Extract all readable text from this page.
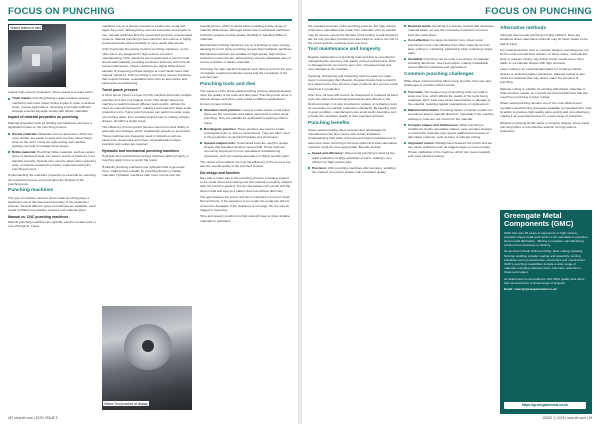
FOCUS ON PUNCHING
Vested bottom of dies

require high-volume production, where speed is a major factor.

Thick metals: Punching thicker metals requires stronger machinery and more power during impact in order to achieve clean, precise perforations. Choosing a tool with sufficient tonnage ensures accurate results with thicker materials.
Impact of material properties on punching

Material properties such as ductility and hardness can have a significant impact on the punching process:

Ductile materials: Materials such as aluminium, which are more ductile, are easier to work with, but they cause faster wear on the tools. Using the right tooling and machine settings can help to manage these issues.
Brittle materials: Punching brittle materials, such as certain types of hardened steel, can lead to cracks or fractures if not handled correctly. Special care must be taken when selecting tools, so that the material is properly supported during the punching process.

Understanding the material's properties is essential for selecting the required pressure and prolonging the lifespan of the punching tools.

Punching machines

The type of machine used for sheet metal punching plays a significant role in the speed and accuracy of the production process. Several different types of machines are available, each suited to different production volumes and material types.

Manual vs. CNC punching machines

Manual punching machines are typically used for smaller jobs or one-off projects. These

machines rely on a human operator to position the metal and apply the punch. Although they are less expensive and simpler to use, manual machines lack the speed and precision of automated systems. Manual punching is best suited for low-volume or highly customised work where flexibility is more useful than speed.

CNC (Computer Numerical Control) punching machines, on the other hand, are designed for high-volume, precision manufacturing. CNC machines are programmed to punch metal sheets automatically, providing consistent accuracy with minimal human intervention. These machines are highly efficient and capable of producing intricate designs at much faster rates than manual machines. CNC punching is commonly used in industries that require intricate, repeatable parts such as automotive and electronics manufacturing.

Turret punch presses

A turret punch press is a type of CNC machine that holds multiple punches and dies in a rotating turret. This design allows the machine to switch between different tools quickly, without the need for manual intervention, making it well suited for large-scale production runs. Turret punch presses can perform a wide range of punching tasks, from creating simple holes to cutting complex shapes, all within a single setup.

The efficiency of turret punch presses stems from their ability to automate tool changes, which significantly speeds up production. These machines are frequently used in industries such as electronics, automotive and sheet metal fabrication where precision and output are required.

Hydraulic and mechanical punching machines

Hydraulic and mechanical punching machines differ primarily in how they apply force to punch the metal.

Hydraulic punching machines use hydraulic fluid to generate force, making them suitable for punching thicker or harder materials. Hydraulic machines offer more control over the

punching force, which is useful when punching a wide range of material thicknesses. Although slower than mechanical machines, hydraulic systems provide greater flexibility in handling different materials.

Mechanical punching machines rely on a flywheel to store energy, allowing for much faster punching speeds than hydraulic machines. Mechanical machines are suitable for high-speed, high-volume production environments, although they are less adaptable when it comes to thicker or harder materials.

Choosing the right machine depends upon factors such as the type of material, required production speed and the complexity of the punched part.

Punching tools and dies

The success of the sheet metal punching process depends heavily upon the quality of the tools and dies used. Punching tools come in various shapes and sizes, each suited to different applications. Common types include:

Standard round punches: Used to create simple round holes, these are the most basic and widely used tools in sheet metal punching. They are suitable for applications requiring uniform holes.
Rectangular punches: These punches are used to create rectangular holes or slots in metal sheets. They are often used in the production of electrical brackets and enclosures.
Special-shaped tools: Customised tools are used for unique shapes that standard punches cannot fulfil. These tools are commonly employed in more specialised manufacturing processes, such as creating decorative or highly specific parts.

The choice of tool affects not only the efficiency of the process but also the overall quality of the punched product.

Die design and function

Dies play a major role in the punching process, providing support to the metal sheet and making sure the material is properly shaped after the punch is applied. The die sits between the punch and the sheet metal and acts as a pattern that cuts without deformity.

The gap between the punch and die is important to prevent metal flow and burrs. If the clearance is too small, the metal can deform or become damaged. If the clearance is too large, the cut may be ragged or imprecise.

Time and speedy results from high-strength steel or other durable materials to withstand

Wilson Tool punches at display
48 | www.sfn.com | 2025 | ISSUE 3
FOCUS ON PUNCHING

the repeated pressure of the punching process. For high-volume production, specialised die made from materials such as carbide may be used to extend the lifespan of the tooling. A well-designed die not only provides precision but also helps to reduce the risk of the punch and die, reducing wear over time.

Tool maintenance and longevity

Regular maintenance of punching tools and dies is essential for maintaining the accuracy and quality of the punched parts. Worn or damaged tools can lead to poor cuts, increased scrap and even damage to the machine.

Cleaning, sharpening and inspecting tools for wear are major steps in prolonging their lifespan. Regular checks help to identify at a stage before they become major problems and prevent costly downtime in production.

Over time, all tools will need to be sharpened or replaced as blunt tools can cause dimensional inaccuracies and defects in the finished product. It is also important to replace or resharpen tools as necessary to maintain production standards. By keeping tools in good condition, manufacturers can avoid costly downtime and provide the consistent quality of their punched products.

Punching benefits

Sheet metal punching offers several clear advantages for manufacturers but also comes with certain limitations. Understanding both sides of the process helps manufacturers to determine when punching is the best option and when alternative methods might be more appropriate. Benefits include:

Speed and efficiency: Sheet metal punching is ideal for the quick production of large quantities of parts, making it very efficient for high-volume jobs.
Precision: CNC punching machines offer accuracy, enabling the creation of complex shapes with consistent quality.
Reduced waste: Punching is a precise method that minimises material waste, as only the necessary material is removed from the metal sheet.
Cost-effective: For large production runs, sheet metal punching is more cost-effective than other methods such as laser cutting or machining, particularly when producing simple parts.
Versatility: Punching can be used on a variety of materials including aluminium, steel and copper, making it adaptable across different industries and applications.
Common punching challenges

While sheet metal punching offers many benefits, there are also challenges to consider which include:

Tool wear: The frequent use of punching tools can lead to wear over time, which affects the quality of the parts being produced. Worn tools may cause inaccuracies or damage to the material, requiring regular maintenance or replacement.
Material deformation: Punching thicker or harder metals can sometimes lead to material distortion, especially if the machine settings or tools are not correct for the material.
Complex shapes and thicknesses: While punching is suitable for simple repeatable shapes, more complex designs or extra-thick materials may require additional processes or alternative methods, such as laser or waterjet cutting.
Alignment issues: Misalignment between the punch and die can cause problems such as ragged edges or uneven holes. Proper calibration of the machine, which can mean regularly and more cautious testing.
Alternative methods

Although sheet metal punching is highly efficient, there are situations where alternative methods may be better suited to the task at hand.

For small production runs or complex designs, punching may not be the most cost-effective solution. In these cases, methods like laser or waterjet cutting may deliver better results due to their ability to cut intricate shapes with high precision.

Laser cutting is an essential alternative for creating intricate shapes or achieving tighter tolerances. Waterjet cutting is also useful for materials that may distort under the pressure of punching.

Waterjet cutting is suitable for working with thicker materials or heat-sensitive metals, as it avoids the thermal distortion that can result from punching or laser cutting.

Sheet metal punching remains one of the most efficient and versatile manufacturing processes available to manufacturers, with its ability to produce high-quality parts quickly and cost-effectively, making it an essential process for a wide range of industries.

Whether producing simple holes or complex shapes, sheet metal punching offers a cost-effective solution for high-volume production.

Greengate Metal Components (GMC)

GMC has over 30 years of experience in high-volume, precision sheet metal work and is a UK specialist in precision sheet metal fabrication, offering a complete manufacturing solution from prototype to delivery.

Its services include CNC punching, laser cutting, bending, forming, welding, powder coating and assembly, serving industries such as automotive, electronics and construction. GMC's punching capabilities include a wide range of materials including stainless steel, mild steel, aluminium, brass and copper.

Its skilled team is accredited to ISO 9001 quality and offers fast turnaround for a broad range of projects.

Email: sales@greengatemetal.co.uk

https://greengatemetal.co.uk
ISSUE 3 | 2025 | www.sfn.com | 49
